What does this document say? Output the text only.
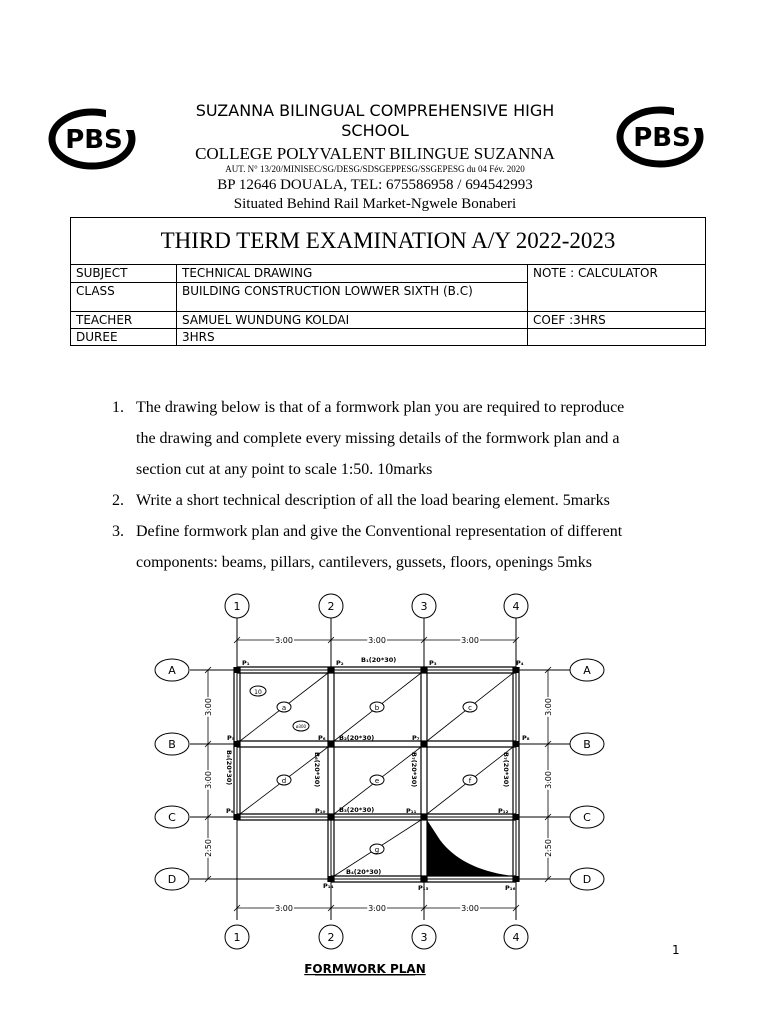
PBS	PBS
SUZANNA BILINGUAL COMPREHENSIVE HIGH
SCHOOL
COLLEGE POLYVALENT BILINGUE SUZANNA
AUT. N° 13/20/MINISEC/SG/DESG/SDSGEPPESG/SSGEPESG du 04 Fév. 2020
BP 12646 DOUALA, TEL: 675586958 / 694542993
Situated Behind Rail Market-Ngwele Bonaberi
THIRD TERM EXAMINATION A/Y 2022-2023		
SUBJECT	TECHNICAL DRAWING	NOTE : CALCULATOR
CLASS	BUILDING CONSTRUCTION LOWWER SIXTH (B.C)	
TEACHER	SAMUEL WUNDUNG KOLDAI	COEF :3HRS
DUREE	3HRS	
1. The drawing below is that of a formwork plan you are required to reproduce
the drawing and complete every missing details of the formwork plan and a
section cut at any point to scale 1:50. 10marks
2. Write a short technical description of all the load bearing element. 5marks
3. Define formwork plan and give the Conventional representation of different
components: beams, pillars, cantilevers, gussets, floors, openings 5mks
1	2	3	4
1	2	3	4
A
B
C
D
A
B
C
D
3.00	3.00	3.00
3.00	3.00	3.00
3.00
3.00
2.50
3.00
3.00
2.50
P₁	P₂	P₃	P₄
P₅	P₆	P₇	P₈
P₉	P₁₀	P₁₁	P₁₂
P₁₄	P₁₅	P₁₆
B₁(20*30)
B₂(20*30)
B₃(20*30)
B₄(20*30)
B₅(20*30)	B₆(20*30)	B₇(20*30)	B₇(20*30)
a	b	c
d	e	f
g
10
ø300
FORMWORK PLAN
1
